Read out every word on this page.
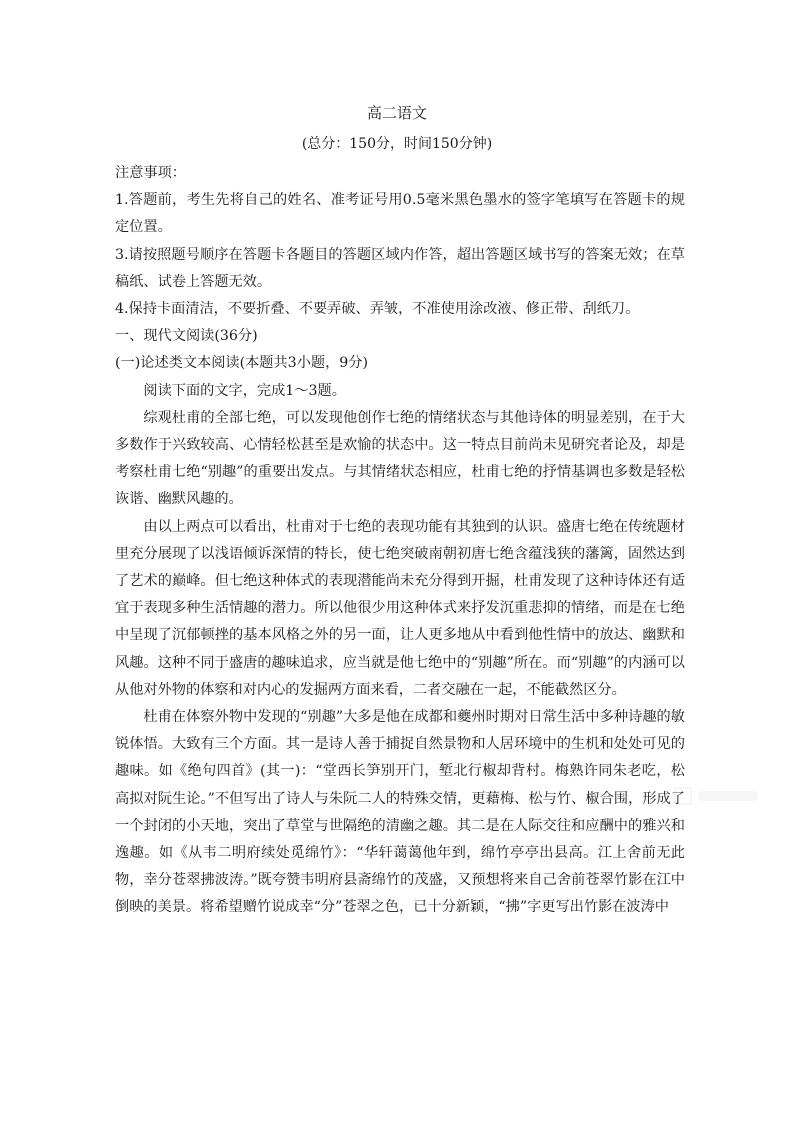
高二语文
(总分：150分，时间150分钟)

注意事项：

1.答题前，考生先将自己的姓名、准考证号用0.5毫米黑色墨水的签字笔填写在答题卡的规定位置。

3.请按照题号顺序在答题卡各题目的答题区域内作答，超出答题区域书写的答案无效；在草稿纸、试卷上答题无效。

4.保持卡面清洁，不要折叠、不要弄破、弄皱，不准使用涂改液、修正带、刮纸刀。

一、现代文阅读(36分)

(一)论述类文本阅读(本题共3小题，9分)

阅读下面的文字，完成1～3题。

综观杜甫的全部七绝，可以发现他创作七绝的情绪状态与其他诗体的明显差别，在于大多数作于兴致较高、心情轻松甚至是欢愉的状态中。这一特点目前尚未见研究者论及，却是考察杜甫七绝“别趣”的重要出发点。与其情绪状态相应，杜甫七绝的抒情基调也多数是轻松诙谐、幽默风趣的。

由以上两点可以看出，杜甫对于七绝的表现功能有其独到的认识。盛唐七绝在传统题材里充分展现了以浅语倾诉深情的特长，使七绝突破南朝初唐七绝含蕴浅狭的藩篱，固然达到了艺术的巅峰。但七绝这种体式的表现潜能尚未充分得到开掘，杜甫发现了这种诗体还有适宜于表现多种生活情趣的潜力。所以他很少用这种体式来抒发沉重悲抑的情绪，而是在七绝中呈现了沉郁顿挫的基本风格之外的另一面，让人更多地从中看到他性情中的放达、幽默和风趣。这种不同于盛唐的趣味追求，应当就是他七绝中的“别趣”所在。而“别趣”的内涵可以从他对外物的体察和对内心的发掘两方面来看，二者交融在一起，不能截然区分。

杜甫在体察外物中发现的“别趣”大多是他在成都和夔州时期对日常生活中多种诗趣的敏锐体悟。大致有三个方面。其一是诗人善于捕捉自然景物和人居环境中的生机和处处可见的趣味。如《绝句四首》(其一)：“堂西长笋别开门，堑北行椒却背村。梅熟许同朱老吃，松高拟对阮生论。”不但写出了诗人与朱阮二人的特殊交情，更藉梅、松与竹、椒合围，形成了一个封闭的小天地，突出了草堂与世隔绝的清幽之趣。其二是在人际交往和应酬中的雅兴和逸趣。如《从韦二明府续处觅绵竹》：“华轩蔼蔼他年到，绵竹亭亭出县高。江上舍前无此物，幸分苍翠拂波涛。”既夸赞韦明府县斋绵竹的茂盛，又预想将来自己舍前苍翠竹影在江中倒映的美景。将希望赠竹说成幸“分”苍翠之色，已十分新颖，“拂”字更写出竹影在波涛中
